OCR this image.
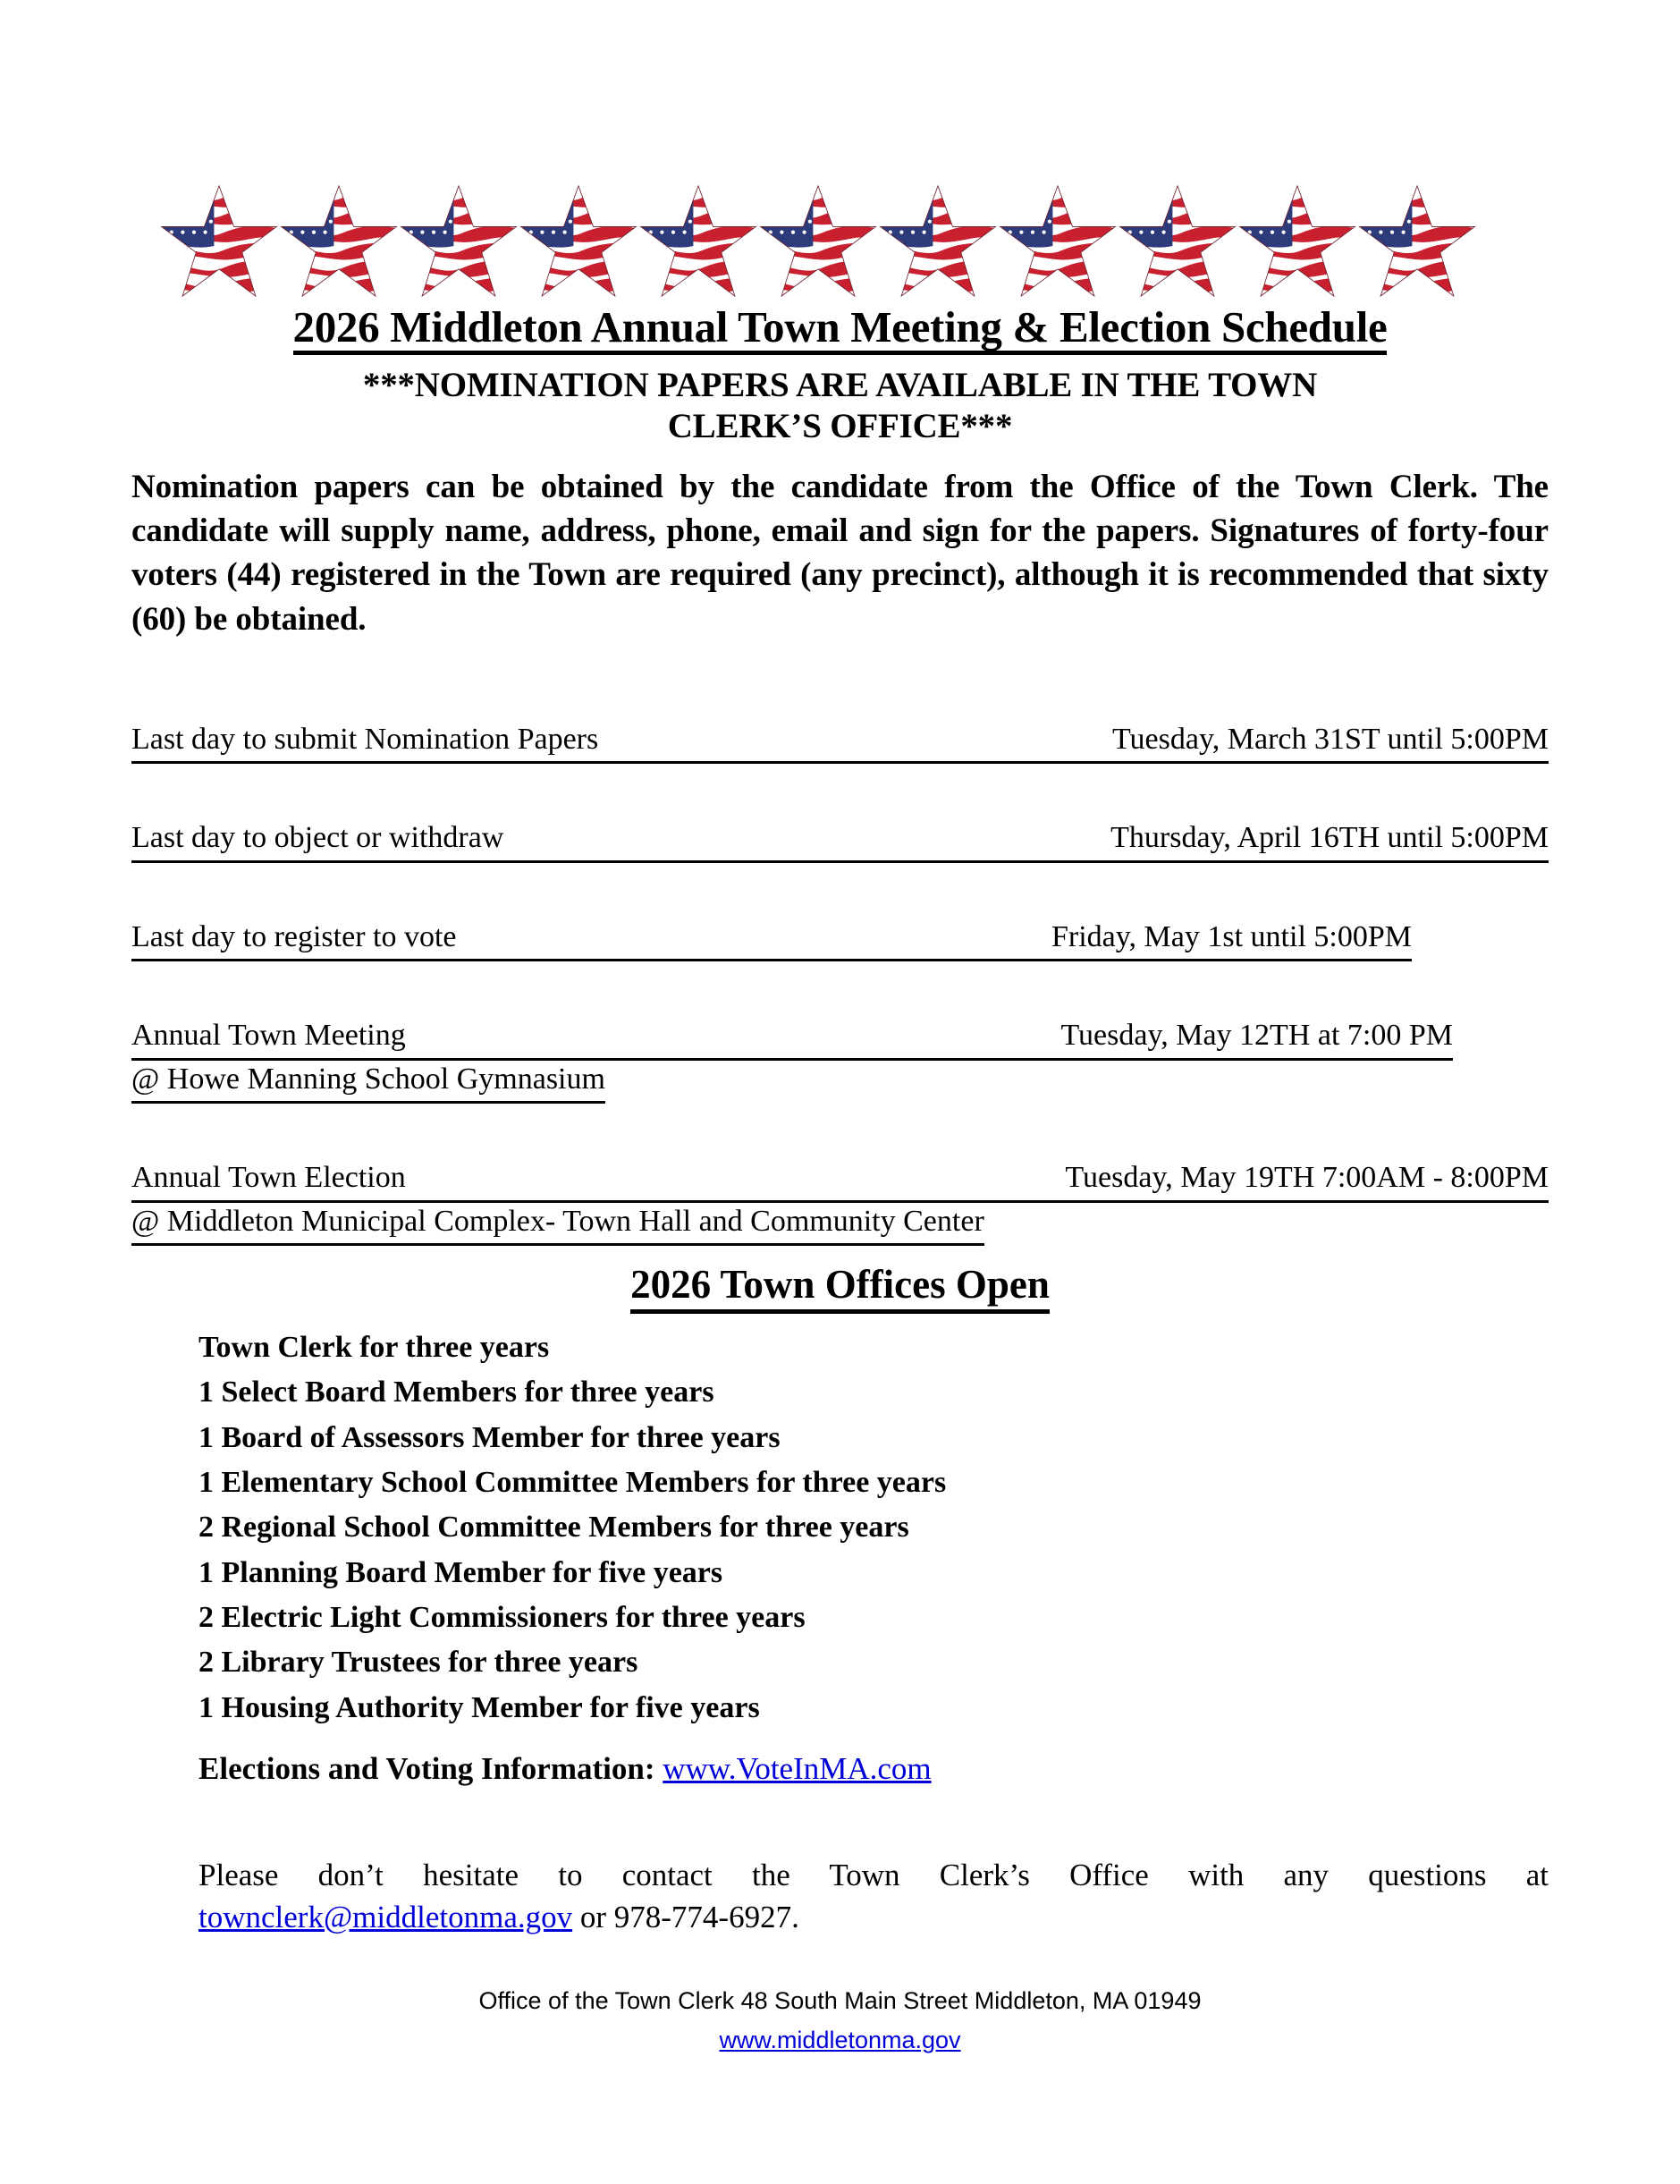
2026 Middleton Annual Town Meeting & Election Schedule
***NOMINATION PAPERS ARE AVAILABLE IN THE TOWN
CLERK’S OFFICE***
Nomination papers can be obtained by the candidate from the Office of the Town Clerk. The candidate will supply name, address, phone, email and sign for the papers. Signatures of forty-four voters (44) registered in the Town are required (any precinct), although it is recommended that sixty (60) be obtained.
Last day to submit Nomination Papers	Tuesday, March 31ST until 5:00PM
Last day to object or withdraw	Thursday, April 16TH until 5:00PM
Last day to register to vote	Friday, May 1st until 5:00PM
Annual Town Meeting	Tuesday, May 12TH at 7:00 PM
@ Howe Manning School Gymnasium
Annual Town Election	Tuesday, May 19TH 7:00AM - 8:00PM
@ Middleton Municipal Complex- Town Hall and Community Center
2026 Town Offices Open
Town Clerk for three years
1 Select Board Members for three years
1 Board of Assessors Member for three years
1 Elementary School Committee Members for three years
2 Regional School Committee Members for three years
1 Planning Board Member for five years
2 Electric Light Commissioners for three years
2 Library Trustees for three years
1 Housing Authority Member for five years
Elections and Voting Information: www.VoteInMA.com
Please don’t hesitate to contact the Town Clerk’s Office with any questions at townclerk@middletonma.gov or 978-774-6927.
Office of the Town Clerk 48 South Main Street Middleton, MA 01949
www.middletonma.gov
